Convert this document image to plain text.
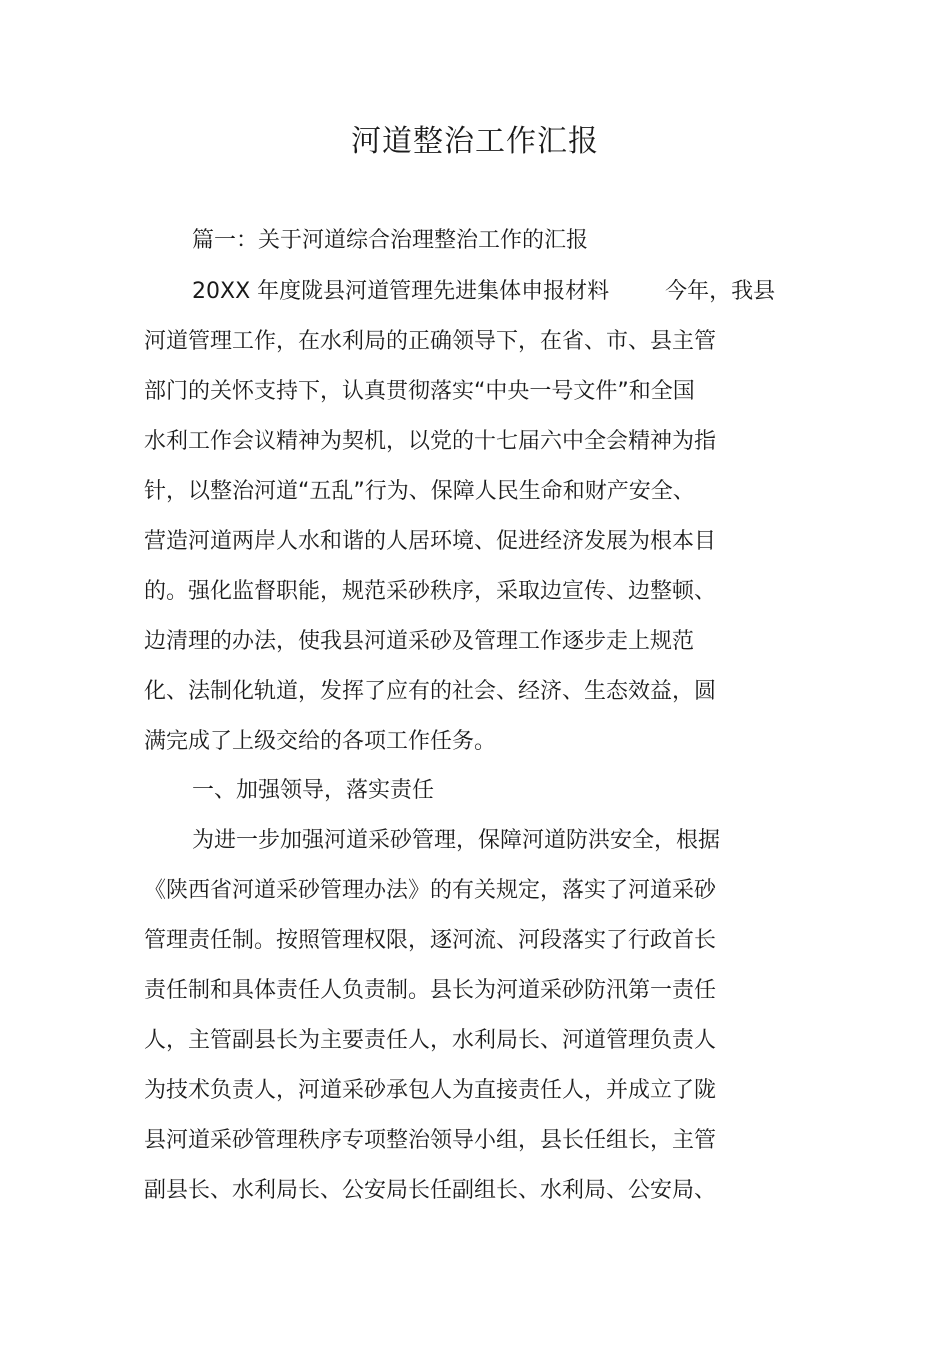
河道整治工作汇报
篇一：关于河道综合治理整治工作的汇报
20XX 年度陇县河道管理先进集体申报材料	今年，我县
河道管理工作，在水利局的正确领导下，在省、市、县主管
部门的关怀支持下，认真贯彻落实“中央一号文件”和全国
水利工作会议精神为契机，以党的十七届六中全会精神为指
针，以整治河道“五乱”行为、保障人民生命和财产安全、
营造河道两岸人水和谐的人居环境、促进经济发展为根本目
的。强化监督职能，规范采砂秩序，采取边宣传、边整顿、
边清理的办法，使我县河道采砂及管理工作逐步走上规范
化、法制化轨道，发挥了应有的社会、经济、生态效益，圆
满完成了上级交给的各项工作任务。
一、加强领导，落实责任
为进一步加强河道采砂管理，保障河道防洪安全，根据
《陕西省河道采砂管理办法》的有关规定，落实了河道采砂
管理责任制。按照管理权限，逐河流、河段落实了行政首长
责任制和具体责任人负责制。县长为河道采砂防汛第一责任
人，主管副县长为主要责任人，水利局长、河道管理负责人
为技术负责人，河道采砂承包人为直接责任人，并成立了陇
县河道采砂管理秩序专项整治领导小组，县长任组长，主管
副县长、水利局长、公安局长任副组长、水利局、公安局、
